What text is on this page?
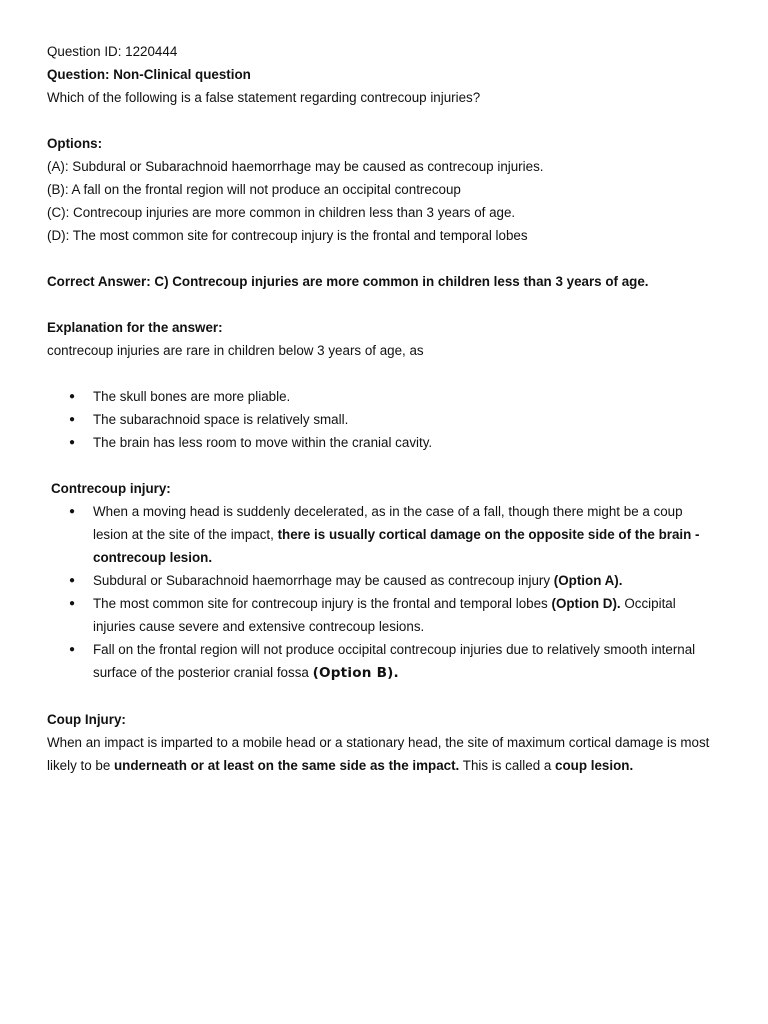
Question ID: 1220444

Question: Non-Clinical question

Which of the following is a false statement regarding contrecoup injuries?

Options:

(A): Subdural or Subarachnoid haemorrhage may be caused as contrecoup injuries.

(B): A fall on the frontal region will not produce an occipital contrecoup

(C): Contrecoup injuries are more common in children less than 3 years of age.

(D): The most common site for contrecoup injury is the frontal and temporal lobes

Correct Answer: C) Contrecoup injuries are more common in children less than 3 years of age.

Explanation for the answer:

contrecoup injuries are rare in children below 3 years of age, as

● The skull bones are more pliable.
● The subarachnoid space is relatively small.
● The brain has less room to move within the cranial cavity.

Contrecoup injury:

● When a moving head is suddenly decelerated, as in the case of a fall, though there might be a coup lesion at the site of the impact, there is usually cortical damage on the opposite side of the brain - contrecoup lesion.
● Subdural or Subarachnoid haemorrhage may be caused as contrecoup injury (Option A).
● The most common site for contrecoup injury is the frontal and temporal lobes (Option D). Occipital injuries cause severe and extensive contrecoup lesions.
● Fall on the frontal region will not produce occipital contrecoup injuries due to relatively smooth internal surface of the posterior cranial fossa (Option B).

Coup Injury:

When an impact is imparted to a mobile head or a stationary head, the site of maximum cortical damage is most likely to be underneath or at least on the same side as the impact. This is called a coup lesion.
